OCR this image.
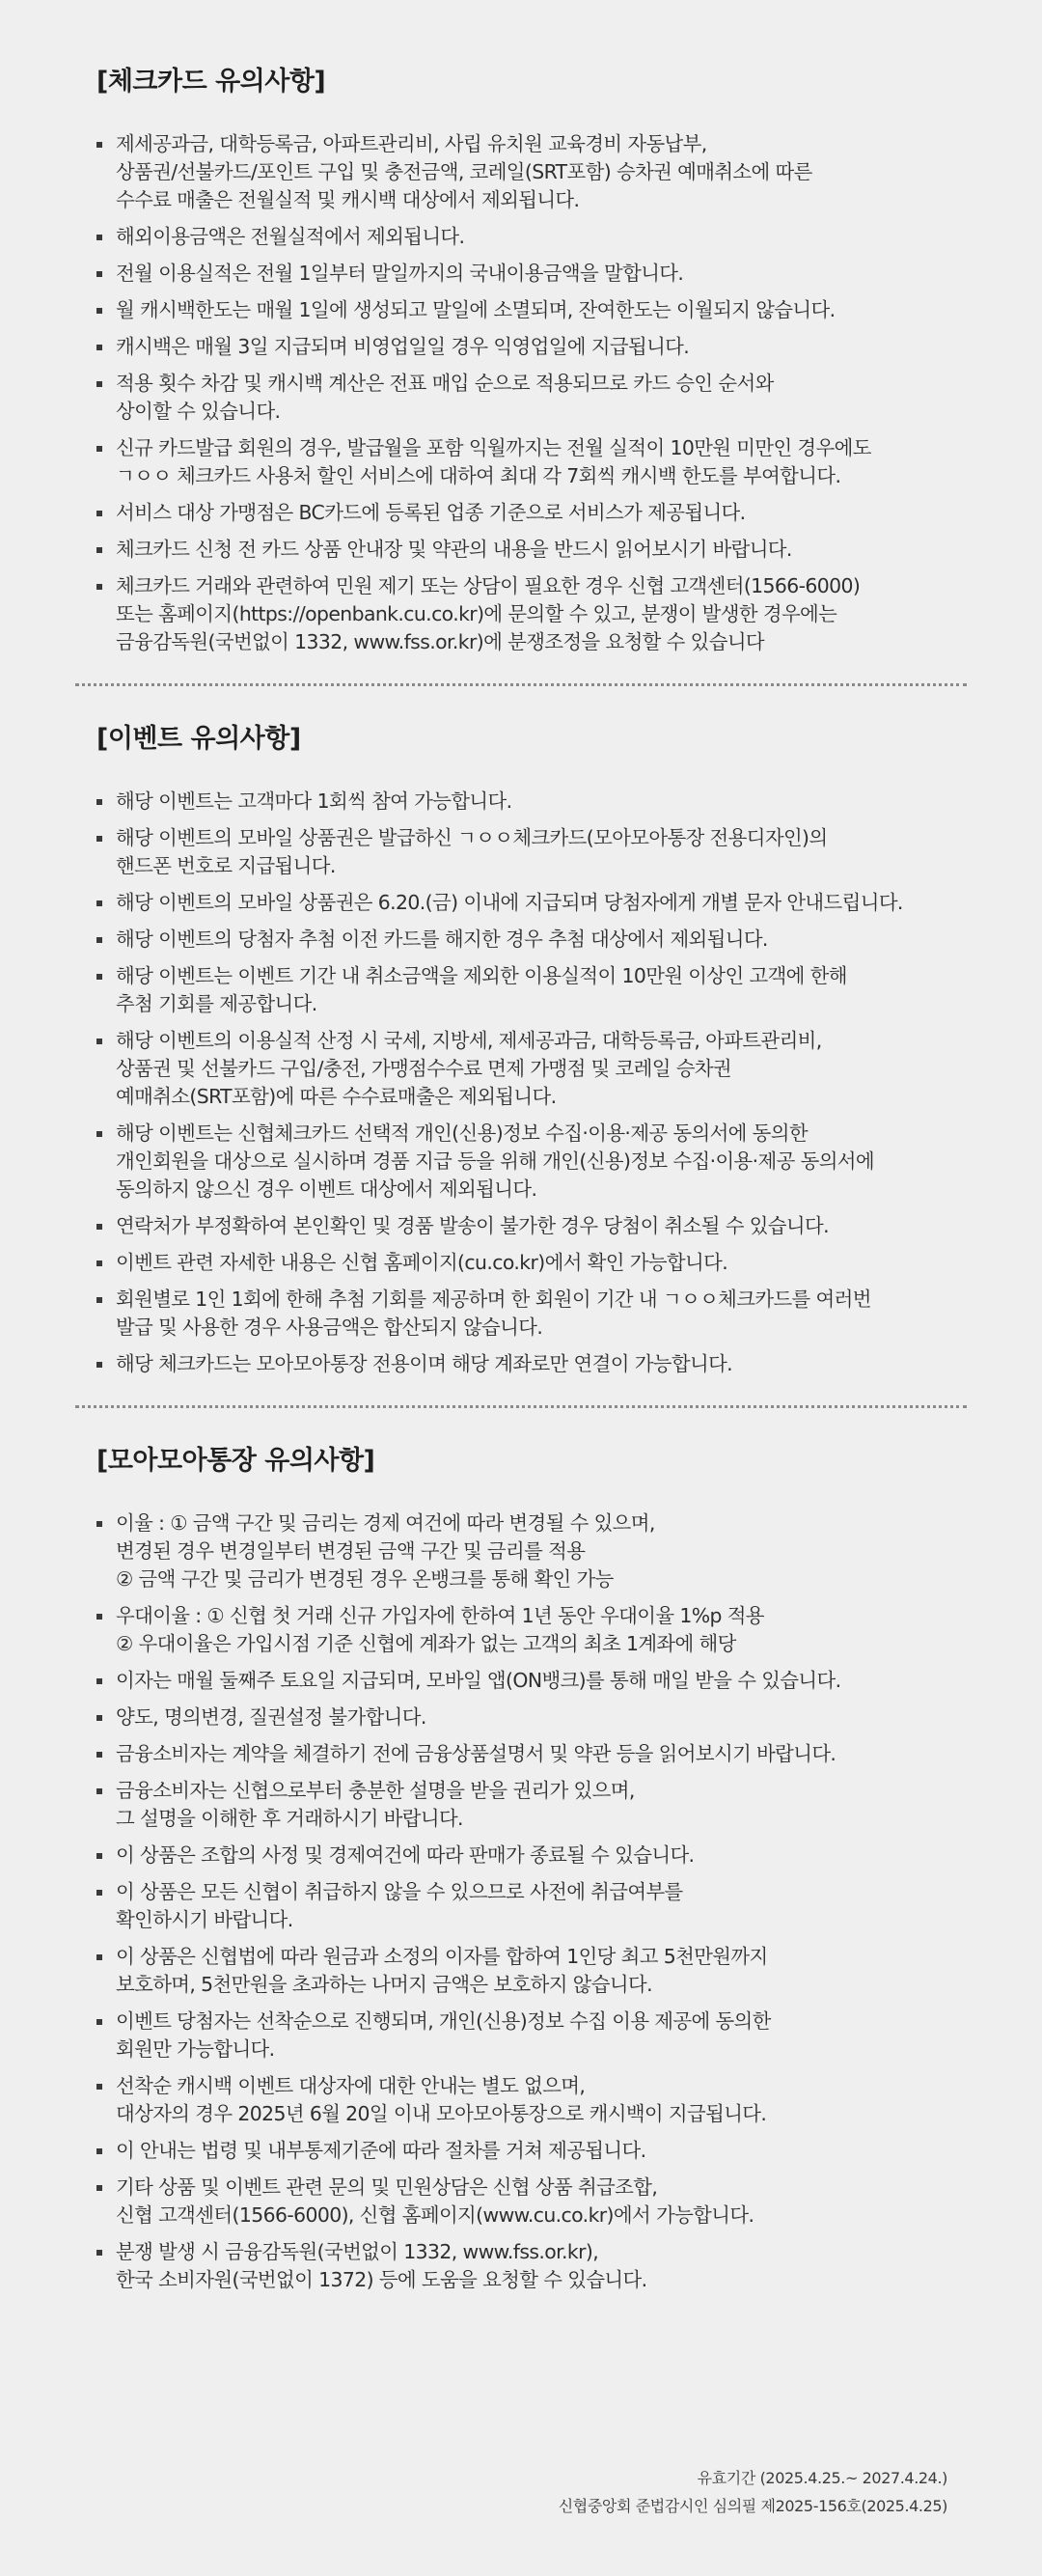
[체크카드 유의사항]
제세공과금, 대학등록금, 아파트관리비, 사립 유치원 교육경비 자동납부,
상품권/선불카드/포인트 구입 및 충전금액, 코레일(SRT포함) 승차권 예매취소에 따른
수수료 매출은 전월실적 및 캐시백 대상에서 제외됩니다.
해외이용금액은 전월실적에서 제외됩니다.
전월 이용실적은 전월 1일부터 말일까지의 국내이용금액을 말합니다.
월 캐시백한도는 매월 1일에 생성되고 말일에 소멸되며, 잔여한도는 이월되지 않습니다.
캐시백은 매월 3일 지급되며 비영업일일 경우 익영업일에 지급됩니다.
적용 횟수 차감 및 캐시백 계산은 전표 매입 순으로 적용되므로 카드 승인 순서와
상이할 수 있습니다.
신규 카드발급 회원의 경우, 발급월을 포함 익월까지는 전월 실적이 10만원 미만인 경우에도
ㄱㅇㅇ 체크카드 사용처 할인 서비스에 대하여 최대 각 7회씩 캐시백 한도를 부여합니다.
서비스 대상 가맹점은 BC카드에 등록된 업종 기준으로 서비스가 제공됩니다.
체크카드 신청 전 카드 상품 안내장 및 약관의 내용을 반드시 읽어보시기 바랍니다.
체크카드 거래와 관련하여 민원 제기 또는 상담이 필요한 경우 신협 고객센터(1566-6000)
또는 홈페이지(https://openbank.cu.co.kr)에 문의할 수 있고, 분쟁이 발생한 경우에는
금융감독원(국번없이 1332, www.fss.or.kr)에 분쟁조정을 요청할 수 있습니다
[이벤트 유의사항]
해당 이벤트는 고객마다 1회씩 참여 가능합니다.
해당 이벤트의 모바일 상품권은 발급하신 ㄱㅇㅇ체크카드(모아모아통장 전용디자인)의
핸드폰 번호로 지급됩니다.
해당 이벤트의 모바일 상품권은 6.20.(금) 이내에 지급되며 당첨자에게 개별 문자 안내드립니다.
해당 이벤트의 당첨자 추첨 이전 카드를 해지한 경우 추첨 대상에서 제외됩니다.
해당 이벤트는 이벤트 기간 내 취소금액을 제외한 이용실적이 10만원 이상인 고객에 한해
추첨 기회를 제공합니다.
해당 이벤트의 이용실적 산정 시 국세, 지방세, 제세공과금, 대학등록금, 아파트관리비,
상품권 및 선불카드 구입/충전, 가맹점수수료 면제 가맹점 및 코레일 승차권
예매취소(SRT포함)에 따른 수수료매출은 제외됩니다.
해당 이벤트는 신협체크카드 선택적 개인(신용)정보 수집·이용·제공 동의서에 동의한
개인회원을 대상으로 실시하며 경품 지급 등을 위해 개인(신용)정보 수집·이용·제공 동의서에
동의하지 않으신 경우 이벤트 대상에서 제외됩니다.
연락처가 부정확하여 본인확인 및 경품 발송이 불가한 경우 당첨이 취소될 수 있습니다.
이벤트 관련 자세한 내용은 신협 홈페이지(cu.co.kr)에서 확인 가능합니다.
회원별로 1인 1회에 한해 추첨 기회를 제공하며 한 회원이 기간 내 ㄱㅇㅇ체크카드를 여러번
발급 및 사용한 경우 사용금액은 합산되지 않습니다.
해당 체크카드는 모아모아통장 전용이며 해당 계좌로만 연결이 가능합니다.
[모아모아통장 유의사항]
이율 : ① 금액 구간 및 금리는 경제 여건에 따라 변경될 수 있으며,
변경된 경우 변경일부터 변경된 금액 구간 및 금리를 적용
② 금액 구간 및 금리가 변경된 경우 온뱅크를 통해 확인 가능
우대이율 : ① 신협 첫 거래 신규 가입자에 한하여 1년 동안 우대이율 1%p 적용
② 우대이율은 가입시점 기준 신협에 계좌가 없는 고객의 최초 1계좌에 해당
이자는 매월 둘째주 토요일 지급되며, 모바일 앱(ON뱅크)를 통해 매일 받을 수 있습니다.
양도, 명의변경, 질권설정 불가합니다.
금융소비자는 계약을 체결하기 전에 금융상품설명서 및 약관 등을 읽어보시기 바랍니다.
금융소비자는 신협으로부터 충분한 설명을 받을 권리가 있으며,
그 설명을 이해한 후 거래하시기 바랍니다.
이 상품은 조합의 사정 및 경제여건에 따라 판매가 종료될 수 있습니다.
이 상품은 모든 신협이 취급하지 않을 수 있으므로 사전에 취급여부를
확인하시기 바랍니다.
이 상품은 신협법에 따라 원금과 소정의 이자를 합하여 1인당 최고 5천만원까지
보호하며, 5천만원을 초과하는 나머지 금액은 보호하지 않습니다.
이벤트 당첨자는 선착순으로 진행되며, 개인(신용)정보 수집 이용 제공에 동의한
회원만 가능합니다.
선착순 캐시백 이벤트 대상자에 대한 안내는 별도 없으며,
대상자의 경우 2025년 6월 20일 이내 모아모아통장으로 캐시백이 지급됩니다.
이 안내는 법령 및 내부통제기준에 따라 절차를 거쳐 제공됩니다.
기타 상품 및 이벤트 관련 문의 및 민원상담은 신협 상품 취급조합,
신협 고객센터(1566-6000), 신협 홈페이지(www.cu.co.kr)에서 가능합니다.
분쟁 발생 시 금융감독원(국번없이 1332, www.fss.or.kr),
한국 소비자원(국번없이 1372) 등에 도움을 요청할 수 있습니다.
유효기간 (2025.4.25.~ 2027.4.24.)
신협중앙회 준법감시인 심의필 제2025-156호(2025.4.25)
